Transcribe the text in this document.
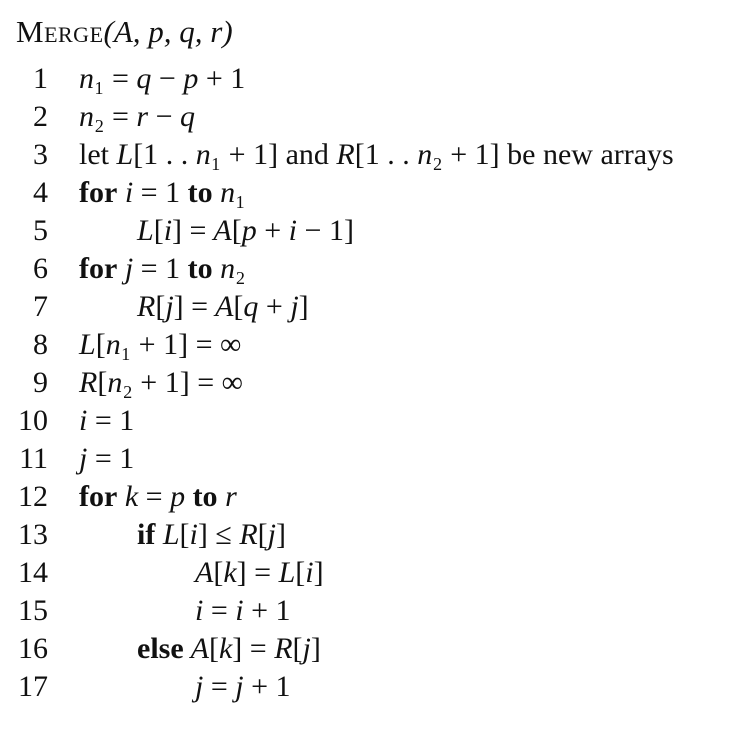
Merge(A, p, q, r)
1 n₁ = q − p + 1
2 n₂ = r − q
3 let L[1 . . n₁ + 1] and R[1 . . n₂ + 1] be new arrays
4 for i = 1 to n₁
5	L[i] = A[p + i − 1]
6 for j = 1 to n₂
7	R[j] = A[q + j]
8 L[n₁ + 1] = ∞
9 R[n₂ + 1] = ∞
10 i = 1
11 j = 1
12 for k = p to r
13	if L[i] ≤ R[j]
14	A[k] = L[i]
15	i = i + 1
16	else A[k] = R[j]
17	j = j + 1
